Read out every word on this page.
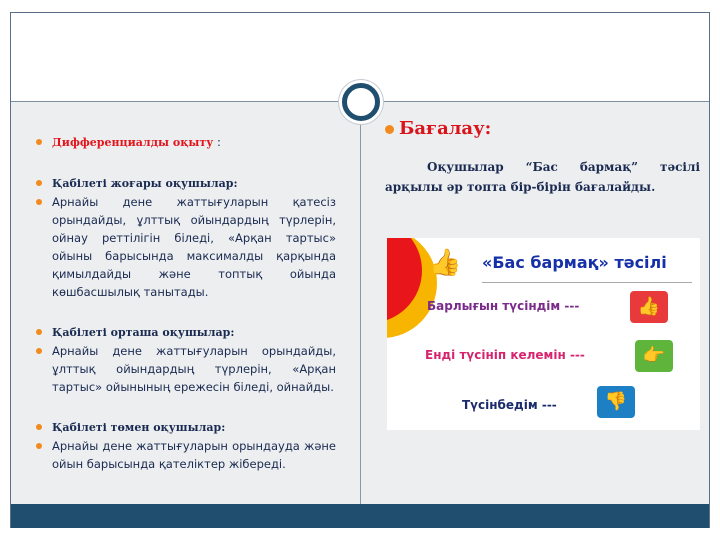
Дифференциалды оқыту :
Қабілеті жоғары оқушылар:
Арнайы дене жаттығуларын қатесіз орындайды, ұлттық ойындардың түрлерін, ойнау реттілігін біледі, «Арқан тартыс» ойыны барысында максималды қарқында қимылдайды және топтық ойында көшбасшылық танытады.
Қабілеті орташа оқушылар:
Арнайы дене жаттығуларын орындайды, ұлттық ойындардың түрлерін, «Арқан тартыс» ойынының ережесін біледі, ойнайды.
Қабілеті төмен оқушылар:
Арнайы дене жаттығуларын орындауда және ойын барысында қателіктер жібереді.
Бағалау:
Оқушылар “Бас бармақ” тәсілі арқылы әр топта бір-бірін бағалайды.
👍 «Бас бармақ» тәсілі
Барлығын түсіндім ---	👍
Енді түсініп келемін ---	👉
Түсінбедім ---	👎
